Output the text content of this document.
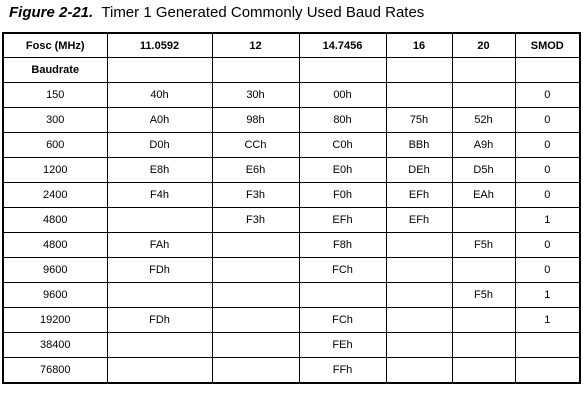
Figure 2-21. Timer 1 Generated Commonly Used Baud Rates
Fosc (MHz)	11.0592	12	14.7456	16	20	SMOD
Baudrate						
150	40h	30h	00h			0
300	A0h	98h	80h	75h	52h	0
600	D0h	CCh	C0h	BBh	A9h	0
1200	E8h	E6h	E0h	DEh	D5h	0
2400	F4h	F3h	F0h	EFh	EAh	0
4800		F3h	EFh	EFh		1
4800	FAh		F8h		F5h	0
9600	FDh		FCh			0
9600					F5h	1
19200	FDh		FCh			1
38400			FEh			
76800			FFh			
